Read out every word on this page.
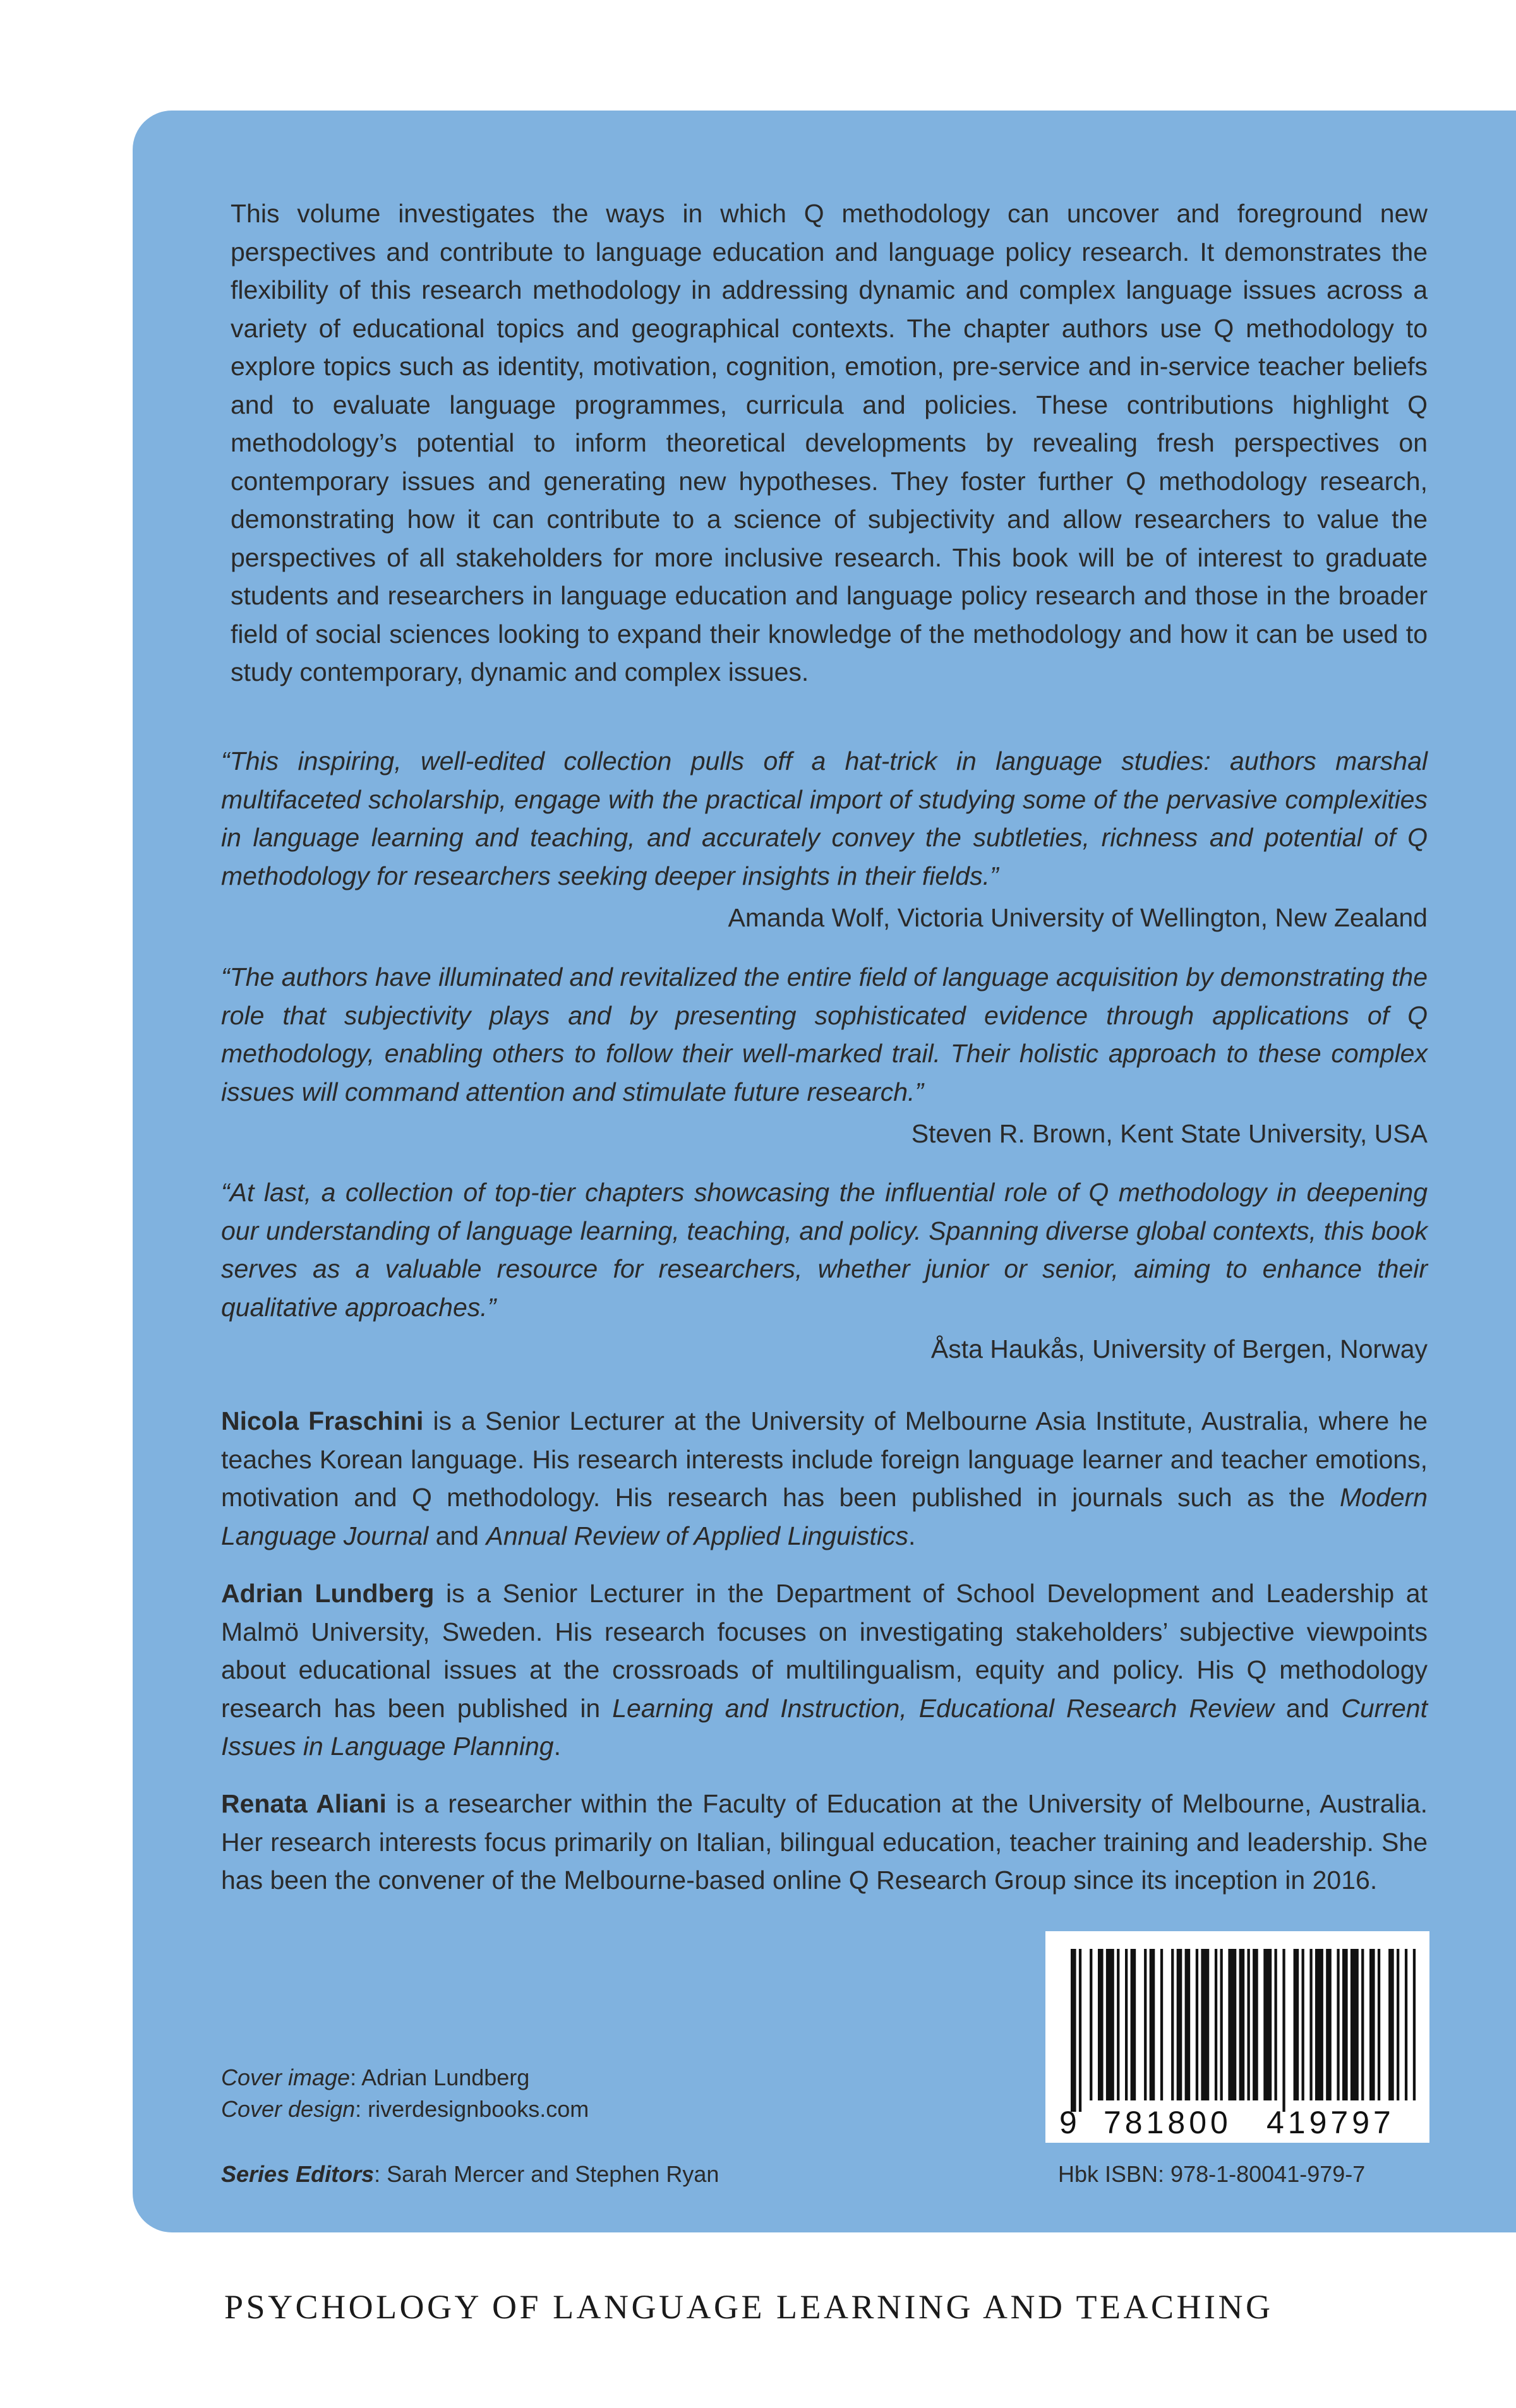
This volume investigates the ways in which Q methodology can uncover and foreground new perspectives and contribute to language education and language policy research. It demonstrates the flexibility of this research methodology in addressing dynamic and complex language issues across a variety of educational topics and geographical contexts. The chapter authors use Q methodology to explore topics such as identity, motivation, cognition, emotion, pre-service and in-service teacher beliefs and to evaluate language programmes, curricula and policies. These contributions highlight Q methodology’s potential to inform theoretical developments by revealing fresh perspectives on contemporary issues and generating new hypotheses. They foster further Q methodology research, demonstrating how it can contribute to a science of subjectivity and allow researchers to value the perspectives of all stakeholders for more inclusive research. This book will be of interest to graduate students and researchers in language education and language policy research and those in the broader field of social sciences looking to expand their knowledge of the methodology and how it can be used to study contemporary, dynamic and complex issues.

“This inspiring, well-edited collection pulls off a hat-trick in language studies: authors marshal multifaceted scholarship, engage with the practical import of studying some of the pervasive complexities in language learning and teaching, and accurately convey the subtleties, richness and potential of Q methodology for researchers seeking deeper insights in their fields.”

Amanda Wolf, Victoria University of Wellington, New Zealand

“The authors have illuminated and revitalized the entire field of language acquisition by demonstrating the role that subjectivity plays and by presenting sophisticated evidence through applications of Q methodology, enabling others to follow their well-marked trail. Their holistic approach to these complex issues will command attention and stimulate future research.”

Steven R. Brown, Kent State University, USA

“At last, a collection of top-tier chapters showcasing the influential role of Q methodology in deepening our understanding of language learning, teaching, and policy. Spanning diverse global contexts, this book serves as a valuable resource for researchers, whether junior or senior, aiming to enhance their qualitative approaches.”

Åsta Haukås, University of Bergen, Norway

Nicola Fraschini is a Senior Lecturer at the University of Melbourne Asia Institute, Australia, where he teaches Korean language. His research interests include foreign language learner and teacher emotions, motivation and Q methodology. His research has been published in journals such as the Modern Language Journal and Annual Review of Applied Linguistics.

Adrian Lundberg is a Senior Lecturer in the Department of School Development and Leadership at Malmö University, Sweden. His research focuses on investigating stakeholders’ subjective viewpoints about educational issues at the crossroads of multilingualism, equity and policy. His Q methodology research has been published in Learning and Instruction, Educational Research Review and Current Issues in Language Planning.

Renata Aliani is a researcher within the Faculty of Education at the University of Melbourne, Australia. Her research interests focus primarily on Italian, bilingual education, teacher training and leadership. She has been the convener of the Melbourne-based online Q Research Group since its inception in 2016.

Cover image: Adrian Lundberg
Cover design: riverdesignbooks.com
Series Editors: Sarah Mercer and Stephen Ryan
9 781800 419797
Hbk ISBN: 978-1-80041-979-7
PSYCHOLOGY OF LANGUAGE LEARNING AND TEACHING
